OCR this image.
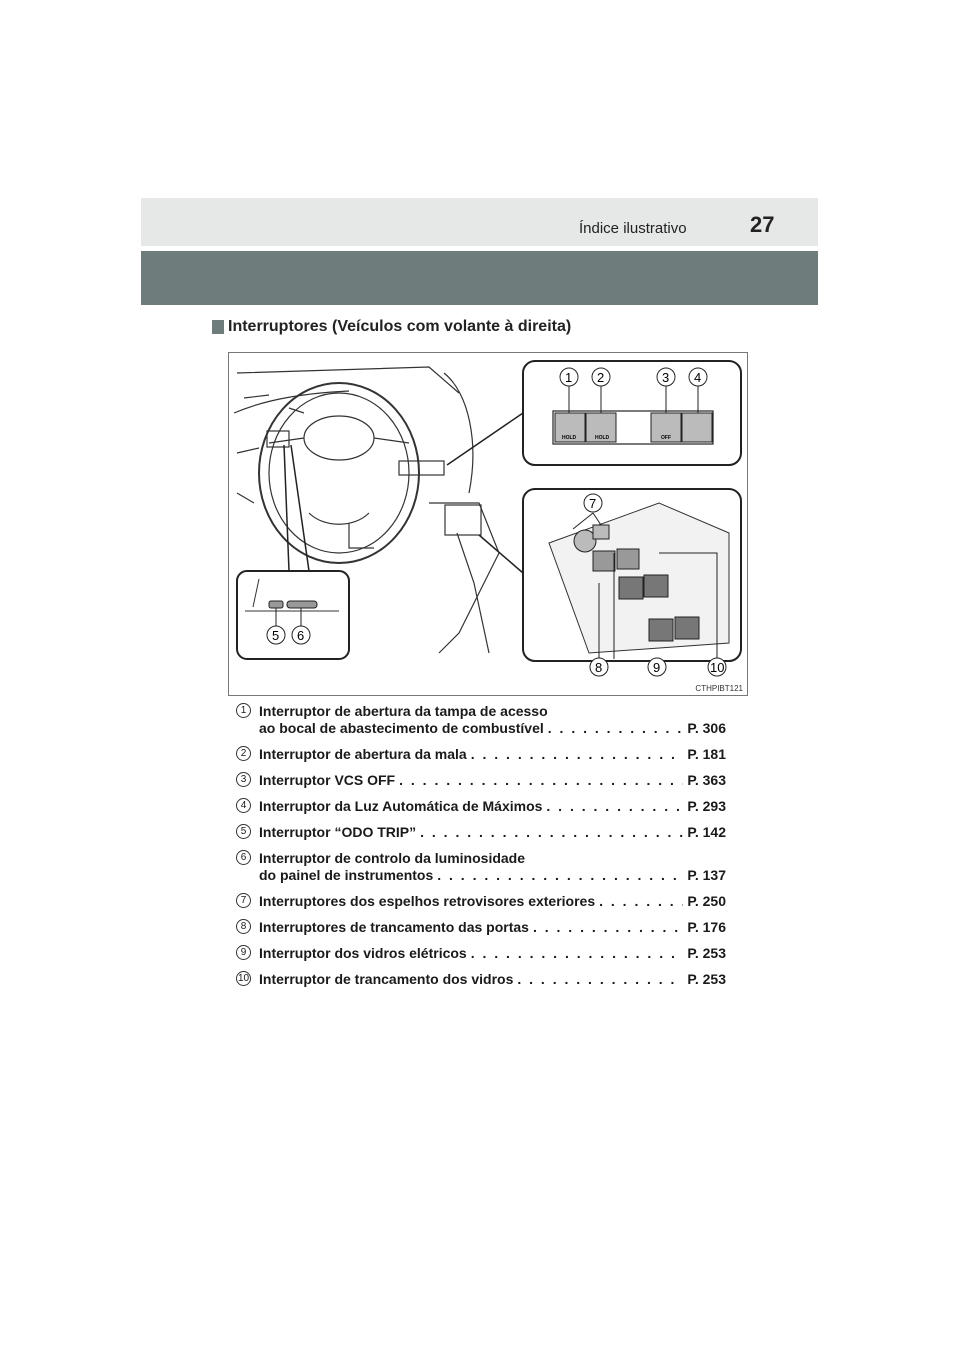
Índice ilustrativo	27
Interruptores (Veículos com volante à direita)
HOLD	HOLD	OFF
1 2	3 4
7
8	9	10
5 6
CTHPIBT121
1 Interruptor de abertura da tampa de acesso
ao bocal de abastecimento de combustível . . .	P. 306
2 Interruptor de abertura da mala . . .	P. 181
3 Interruptor VCS OFF . . .	P. 363
4 Interruptor da Luz Automática de Máximos . . .	P. 293
5 Interruptor “ODO TRIP” . . .	P. 142
6 Interruptor de controlo da luminosidade
do painel de instrumentos . . .	P. 137
7 Interruptores dos espelhos retrovisores exteriores . . .	P. 250
8 Interruptores de trancamento das portas . . .	P. 176
9 Interruptor dos vidros elétricos . . .	P. 253
10 Interruptor de trancamento dos vidros . . .	P. 253
